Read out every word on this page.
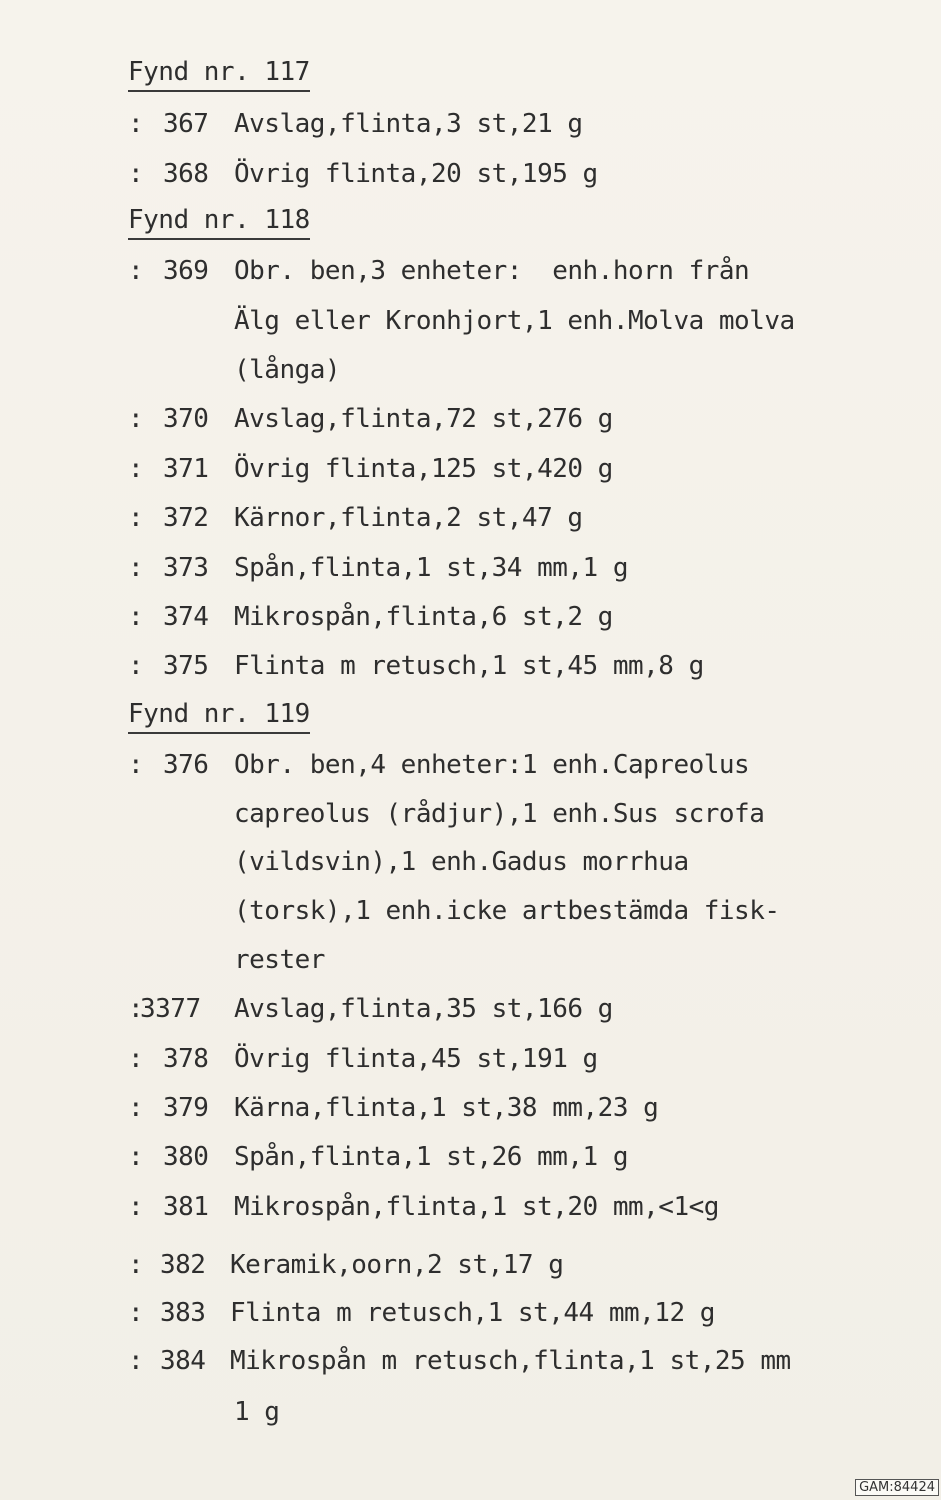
Fynd nr. 117
: 367 Avslag,flinta,3 st,21 g
: 368 Övrig flinta,20 st,195 g
Fynd nr. 118
: 369 Obr. ben,3 enheter:  enh.horn från
Älg eller Kronhjort,1 enh.Molva molva
(långa)
: 370 Avslag,flinta,72 st,276 g
: 371 Övrig flinta,125 st,420 g
: 372 Kärnor,flinta,2 st,47 g
: 373 Spån,flinta,1 st,34 mm,1 g
: 374 Mikrospån,flinta,6 st,2 g
: 375 Flinta m retusch,1 st,45 mm,8 g
Fynd nr. 119
: 376 Obr. ben,4 enheter:1 enh.Capreolus
capreolus (rådjur),1 enh.Sus scrofa
(vildsvin),1 enh.Gadus morrhua
(torsk),1 enh.icke artbestämda fisk-
rester
:
3377 Avslag,flinta,35 st,166 g
: 378 Övrig flinta,45 st,191 g
: 379 Kärna,flinta,1 st,38 mm,23 g
: 380 Spån,flinta,1 st,26 mm,1 g
: 381 Mikrospån,flinta,1 st,20 mm,<1<g
: 382 Keramik,oorn,2 st,17 g
: 383 Flinta m retusch,1 st,44 mm,12 g
: 384 Mikrospån m retusch,flinta,1 st,25 mm
1 g
GAM:84424
